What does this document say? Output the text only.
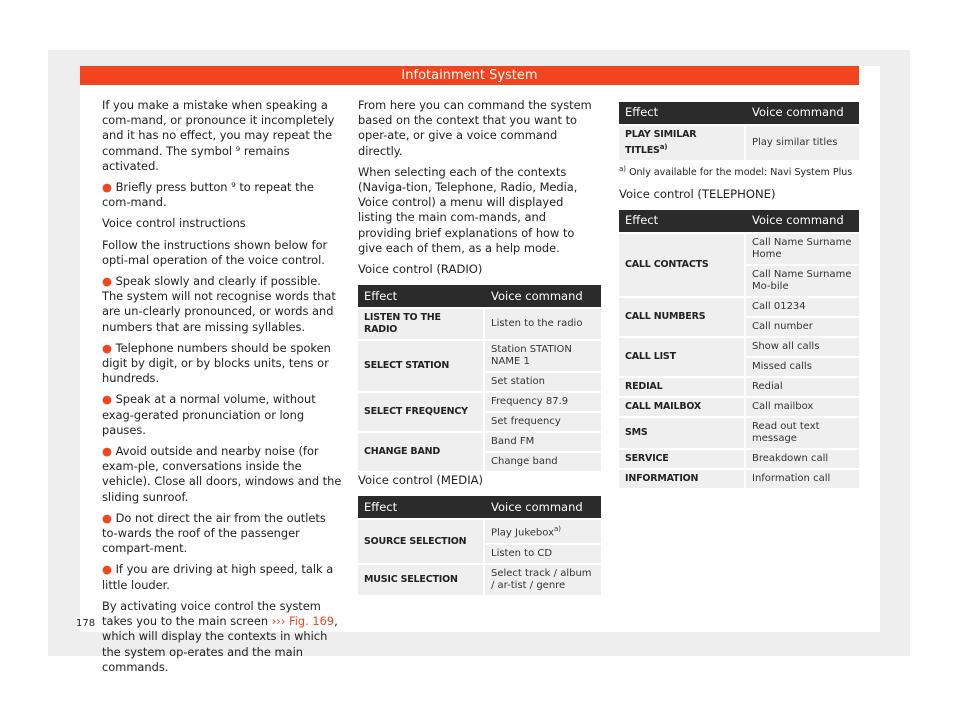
Infotainment System

If you make a mistake when speaking a com-mand, or pronounce it incompletely and it has no effect, you may repeat the command. The symbol ⁹ remains activated.

● Briefly press button ⁹ to repeat the com-mand.

Voice control instructions

Follow the instructions shown below for opti-mal operation of the voice control.

● Speak slowly and clearly if possible. The system will not recognise words that are un-clearly pronounced, or words and numbers that are missing syllables.

● Telephone numbers should be spoken digit by digit, or by blocks units, tens or hundreds.

● Speak at a normal volume, without exag-gerated pronunciation or long pauses.

● Avoid outside and nearby noise (for exam-ple, conversations inside the vehicle). Close all doors, windows and the sliding sunroof.

● Do not direct the air from the outlets to-wards the roof of the passenger compart-ment.

● If you are driving at high speed, talk a little louder.

By activating voice control the system takes you to the main screen ››› Fig. 169, which will display the contexts in which the system op-erates and the main commands.

From here you can command the system based on the context that you want to oper-ate, or give a voice command directly.

When selecting each of the contexts (Naviga-tion, Telephone, Radio, Media, Voice control) a menu will displayed listing the main com-mands, and providing brief explanations of how to give each of them, as a help mode.

Voice control (RADIO)

Effect	Voice command
LISTEN TO THE RADIO	Listen to the radio
SELECT STATION	Station STATION NAME 1
	Set station
SELECT FREQUENCY	Frequency 87.9
	Set frequency
CHANGE BAND	Band FM
	Change band

Voice control (MEDIA)

Effect	Voice command
SOURCE SELECTION	Play Jukebox$^{a)}$
	Listen to CD
MUSIC SELECTION	Select track / album / ar-tist / genre
Effect	Voice command
PLAY SIMILAR TITLES$^{a)}$	Play similar titles

$^{a)}$ Only available for the model: Navi System Plus

Voice control (TELEPHONE)

Effect	Voice command
CALL CONTACTS	Call Name Surname Home
	Call Name Surname Mo-bile
CALL NUMBERS	Call 01234
	Call number
CALL LIST	Show all calls
	Missed calls
REDIAL	Redial
CALL MAILBOX	Call mailbox
SMS	Read out text message
SERVICE	Breakdown call
INFORMATION	Information call
178
